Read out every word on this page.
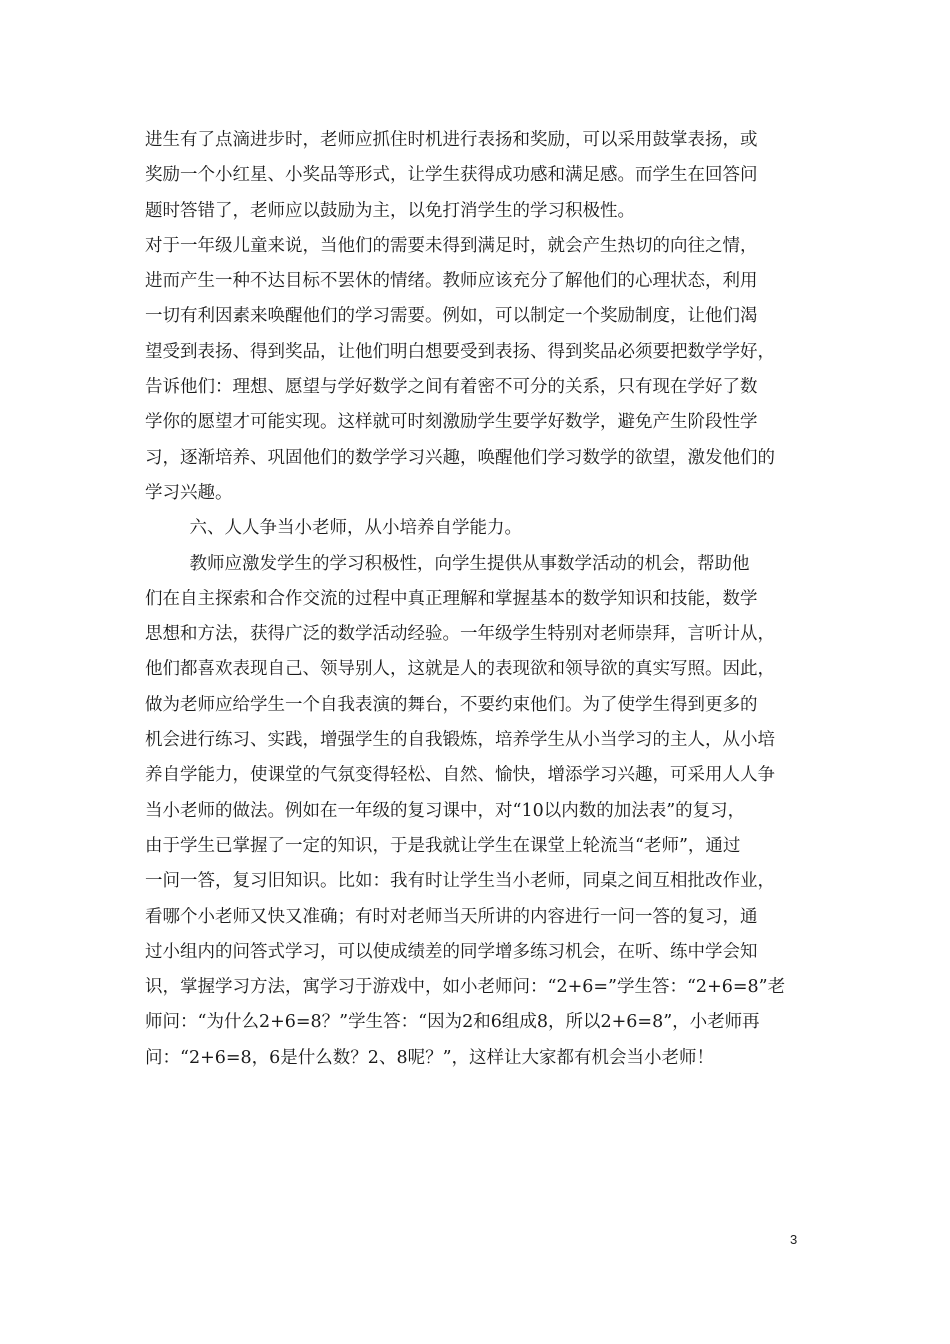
进生有了点滴进步时，老师应抓住时机进行表扬和奖励，可以采用鼓掌表扬，或
奖励一个小红星、小奖品等形式，让学生获得成功感和满足感。而学生在回答问
题时答错了，老师应以鼓励为主，以免打消学生的学习积极性。
对于一年级儿童来说，当他们的需要未得到满足时，就会产生热切的向往之情，
进而产生一种不达目标不罢休的情绪。教师应该充分了解他们的心理状态，利用
一切有利因素来唤醒他们的学习需要。例如，可以制定一个奖励制度，让他们渴
望受到表扬、得到奖品，让他们明白想要受到表扬、得到奖品必须要把数学学好，
告诉他们：理想、愿望与学好数学之间有着密不可分的关系，只有现在学好了数
学你的愿望才可能实现。这样就可时刻激励学生要学好数学，避免产生阶段性学
习，逐渐培养、巩固他们的数学学习兴趣，唤醒他们学习数学的欲望，激发他们的
学习兴趣。
六、人人争当小老师，从小培养自学能力。
教师应激发学生的学习积极性，向学生提供从事数学活动的机会，帮助他
们在自主探索和合作交流的过程中真正理解和掌握基本的数学知识和技能，数学
思想和方法，获得广泛的数学活动经验。一年级学生特别对老师崇拜，言听计从，
他们都喜欢表现自己、领导别人，这就是人的表现欲和领导欲的真实写照。因此，
做为老师应给学生一个自我表演的舞台，不要约束他们。为了使学生得到更多的
机会进行练习、实践，增强学生的自我锻炼，培养学生从小当学习的主人，从小培
养自学能力，使课堂的气氛变得轻松、自然、愉快，增添学习兴趣，可采用人人争
当小老师的做法。例如在一年级的复习课中，对“10以内数的加法表”的复习，
由于学生已掌握了一定的知识，于是我就让学生在课堂上轮流当“老师”，通过
一问一答，复习旧知识。比如：我有时让学生当小老师，同桌之间互相批改作业，
看哪个小老师又快又准确；有时对老师当天所讲的内容进行一问一答的复习，通
过小组内的问答式学习，可以使成绩差的同学增多练习机会，在听、练中学会知
识，掌握学习方法，寓学习于游戏中，如小老师问：“2+6=”学生答：“2+6=8”老
师问：“为什么2+6=8？”学生答：“因为2和6组成8，所以2+6=8”，小老师再
问：“2+6=8，6是什么数？2、8呢？”，这样让大家都有机会当小老师！
3
